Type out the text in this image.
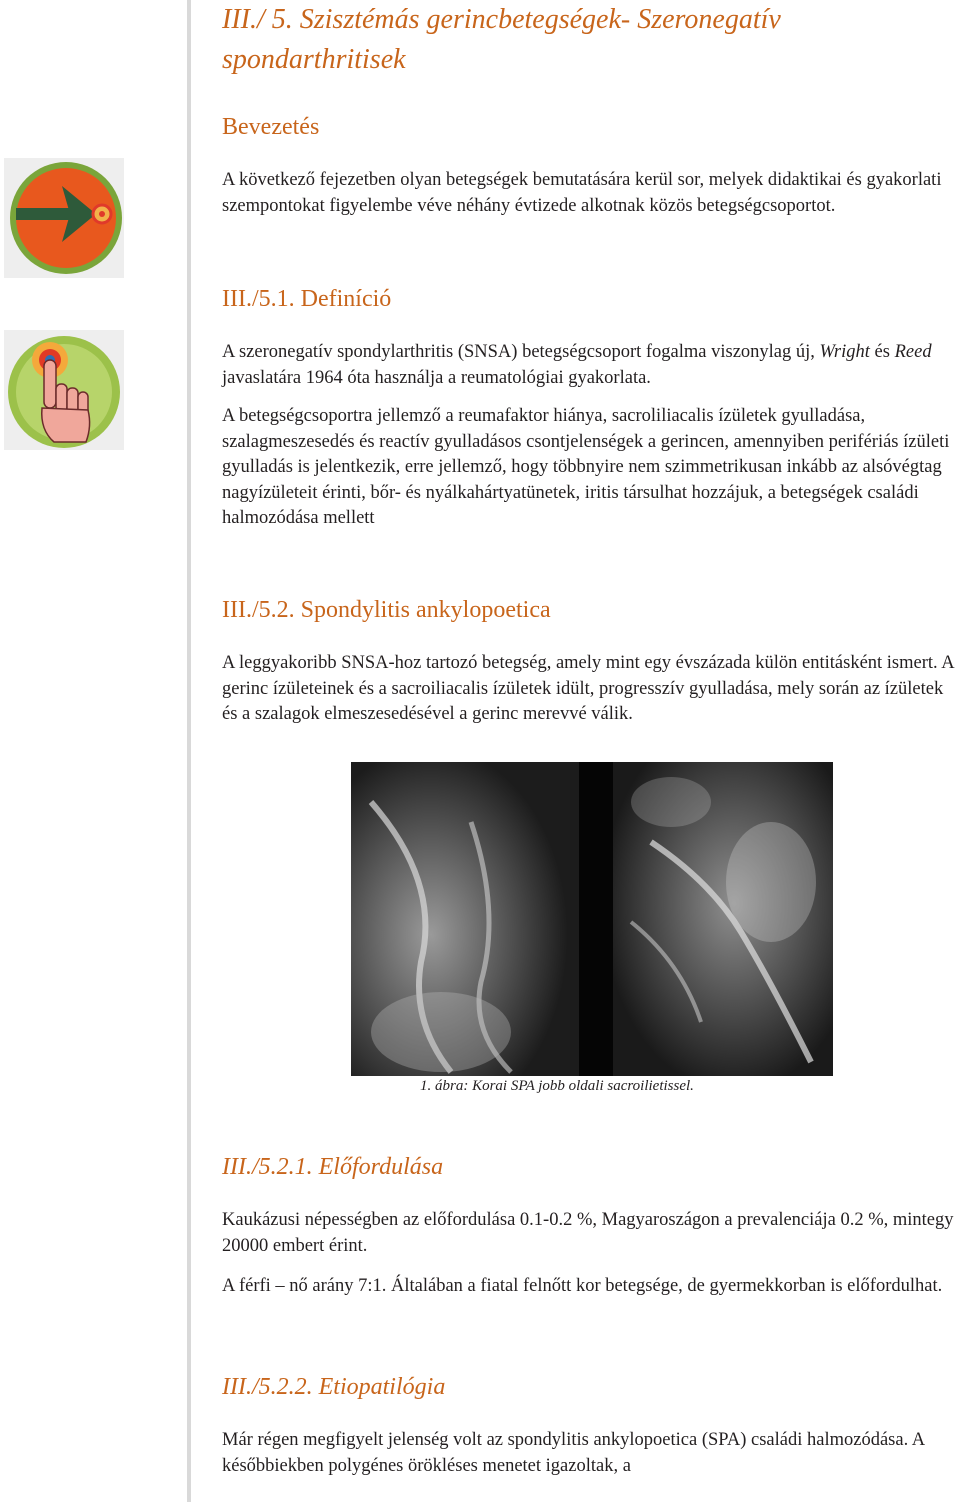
III./ 5. Szisztémás gerincbetegségek- Szeronegatív
spondarthritisek
Bevezetés

A következő fejezetben olyan betegségek bemutatására kerül sor, melyek didaktikai és gyakorlati szempontokat figyelembe véve néhány évtizede alkotnak közös betegségcsoportot.

III./5.1. Definíció

A szeronegatív spondylarthritis (SNSA) betegségcsoport fogalma viszonylag új, Wright és Reed javaslatára 1964 óta használja a reumatológiai gyakorlata.

A betegségcsoportra jellemző a reumafaktor hiánya, sacroliliacalis ízületek gyulladása, szalagmeszesedés és reactív gyulladásos csontjelenségek a gerincen, amennyiben perifériás ízületi gyulladás is jelentkezik, erre jellemző, hogy többnyire nem szimmetrikusan inkább az alsóvégtag nagyízületeit érinti, bőr- és nyálkahártyatünetek, iritis társulhat hozzájuk, a betegségek családi halmozódása mellett

III./5.2. Spondylitis ankylopoetica

A leggyakoribb SNSA-hoz tartozó betegség, amely mint egy évszázada külön entitásként ismert. A gerinc ízületeinek és a sacroiliacalis ízületek idült, progresszív gyulladása, mely során az ízületek és a szalagok elmeszesedésével a gerinc merevvé válik.

III./5.2.1. Előfordulása

Kaukázusi népességben az előfordulása 0.1-0.2 %, Magyaroszágon a prevalenciája 0.2 %, mintegy 20000 embert érint.

A férfi – nő arány 7:1. Általában a fiatal felnőtt kor betegsége, de gyermekkorban is előfordulhat.

III./5.2.2. Etiopatilógia

Már régen megfigyelt jelenség volt az spondylitis ankylopoetica (SPA) családi halmozódása. A későbbiekben polygénes örökléses menetet igazoltak, a

1. ábra: Korai SPA jobb oldali sacroilietissel.
